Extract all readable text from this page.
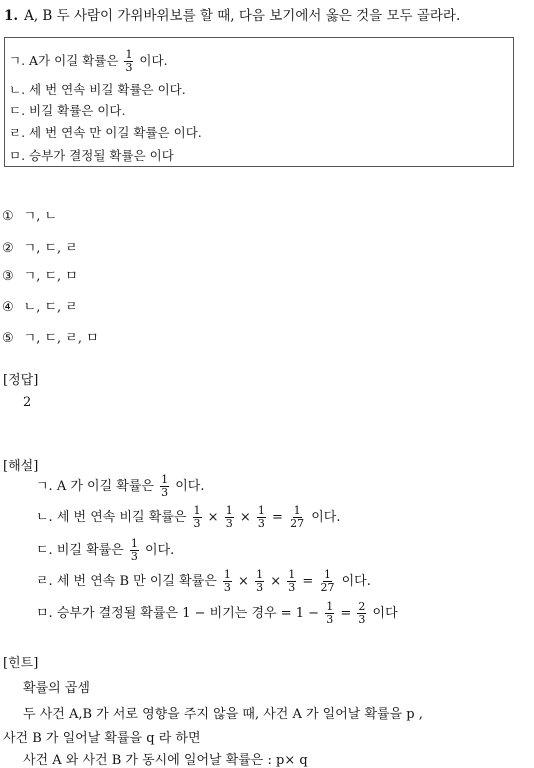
1. A, B 두 사람이 가위바위보를 할 때, 다음 보기에서 옳은 것을 모두 골라라.
ㄱ. A가 이길 확률은 $\frac{1}{3}$ 이다.
ㄴ. 세 번 연속 비길 확률은 이다.
ㄷ. 비길 확률은 이다.
ㄹ. 세 번 연속 만 이길 확률은 이다.
ㅁ. 승부가 결정될 확률은 이다
① ㄱ, ㄴ
② ㄱ, ㄷ, ㄹ
③ ㄱ, ㄷ, ㅁ
④ ㄴ, ㄷ, ㄹ
⑤ ㄱ, ㄷ, ㄹ, ㅁ
[정답]
2
[해설]
ㄱ. A 가 이길 확률은 $\frac{1}{3}$ 이다.
ㄴ. 세 번 연속 비길 확률은 $\frac{1}{3} \times \frac{1}{3} \times \frac{1}{3} = \frac{1}{27}$ 이다.
ㄷ. 비길 확률은 $\frac{1}{3}$ 이다.
ㄹ. 세 번 연속 B 만 이길 확률은 $\frac{1}{3} \times \frac{1}{3} \times \frac{1}{3} = \frac{1}{27}$ 이다.
ㅁ. 승부가 결정될 확률은 1 − 비기는 경우 = $1 - \frac{1}{3} = \frac{2}{3}$ 이다
[힌트]
확률의 곱셈
두 사건 A,B 가 서로 영향을 주지 않을 때, 사건 A 가 일어날 확률을 p ,
사건 B 가 일어날 확률을 q 라 하면
사건 A 와 사건 B 가 동시에 일어날 확률은 : p× q
